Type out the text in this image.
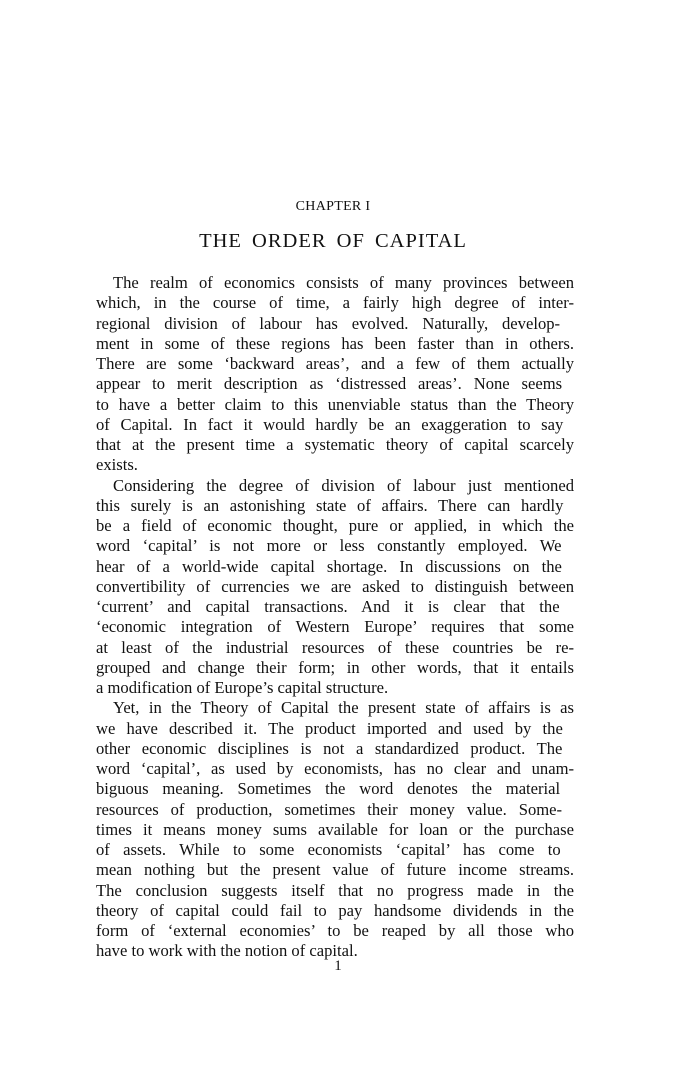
CHAPTER I
THE ORDER OF CAPITAL
The realm of economics consists of many provinces between
which, in the course of time, a fairly high degree of inter-
regional division of labour has evolved. Naturally, develop-
ment in some of these regions has been faster than in others.
There are some ‘backward areas’, and a few of them actually
appear to merit description as ‘distressed areas’. None seems
to have a better claim to this unenviable status than the Theory
of Capital. In fact it would hardly be an exaggeration to say
that at the present time a systematic theory of capital scarcely
exists.
Considering the degree of division of labour just mentioned
this surely is an astonishing state of affairs. There can hardly
be a field of economic thought, pure or applied, in which the
word ‘capital’ is not more or less constantly employed. We
hear of a world-wide capital shortage. In discussions on the
convertibility of currencies we are asked to distinguish between
‘current’ and capital transactions. And it is clear that the
‘economic integration of Western Europe’ requires that some
at least of the industrial resources of these countries be re-
grouped and change their form; in other words, that it entails
a modification of Europe’s capital structure.
Yet, in the Theory of Capital the present state of affairs is as
we have described it. The product imported and used by the
other economic disciplines is not a standardized product. The
word ‘capital’, as used by economists, has no clear and unam-
biguous meaning. Sometimes the word denotes the material
resources of production, sometimes their money value. Some-
times it means money sums available for loan or the purchase
of assets. While to some economists ‘capital’ has come to
mean nothing but the present value of future income streams.
The conclusion suggests itself that no progress made in the
theory of capital could fail to pay handsome dividends in the
form of ‘external economies’ to be reaped by all those who
have to work with the notion of capital.
1
